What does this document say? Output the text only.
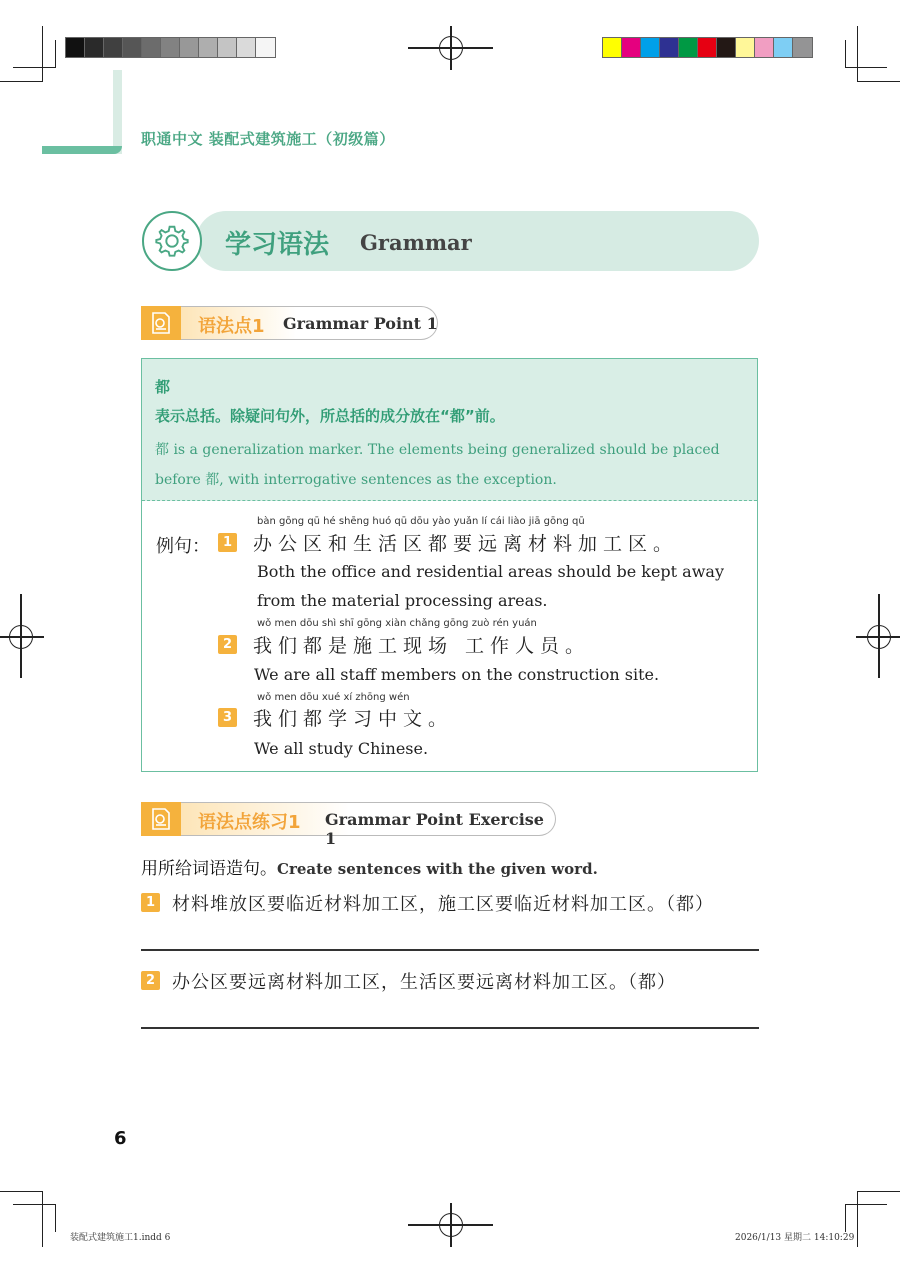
职通中文 装配式建筑施工（初级篇）
学习语法 Grammar
语法点1 Grammar Point 1
都
表示总括。除疑问句外，所总括的成分放在“都”前。
都 is a generalization marker. The elements being generalized should be placed before 都, with interrogative sentences as the exception.
例句： 1
bàn gōng qū hé shēng huó qū dōu yào yuǎn lí cái liào jiā gōng qū
办公区和生活区都要远离材料加工区。
Both the office and residential areas should be kept away from the material processing areas.
2
wǒ men dōu shì shī gōng xiàn chǎng gōng zuò rén yuán
我们都是施工现场 工作人员。
We are all staff members on the construction site.
3
wǒ men dōu xué xí zhōng wén
我们都学习中文。
We all study Chinese.
语法点练习1 Grammar Point Exercise 1
用所给词语造句。Create sentences with the given word.
1 材料堆放区要临近材料加工区，施工区要临近材料加工区。（都）
2 办公区要远离材料加工区，生活区要远离材料加工区。（都）
6
装配式建筑施工1.indd 6	2026/1/13 星期二 14:10:29
